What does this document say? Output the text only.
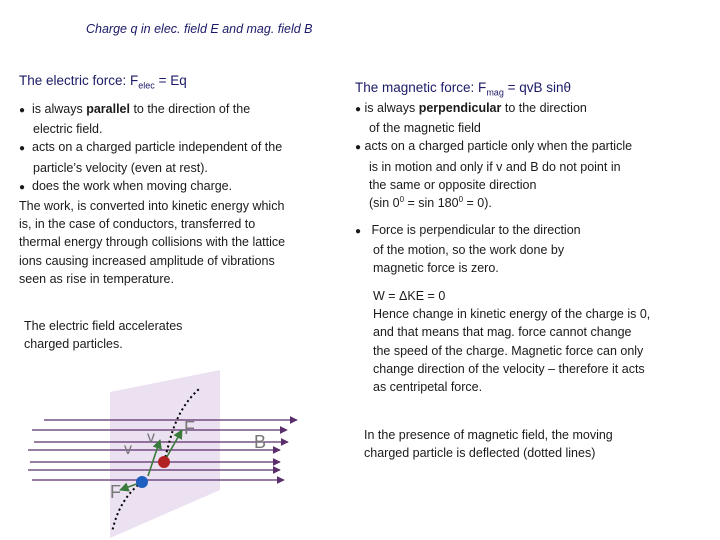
Charge q in elec. field E and mag. field B
The electric force: $F_{elec} = Eq$
● is always parallel to the direction of the
electric field.
● acts on a charged particle independent of the
particle’s velocity (even at rest).
● does the work when moving charge.
The work, is converted into kinetic energy which
is, in the case of conductors, transferred to
thermal energy through collisions with the lattice
ions causing increased amplitude of vibrations
seen as rise in temperature.
The electric field accelerates
charged particles.
The magnetic force: $F_{mag}$ = qvB sinθ
● is always perpendicular to the direction
of the magnetic field
● acts on a charged particle only when the particle
is in motion and only if v and B do not point in
the same or opposite direction
(sin $0^0 = \sin 180^0 = 0$).
● Force is perpendicular to the direction
of the motion, so the work done by
magnetic force is zero.
W = ΔKE = 0
Hence change in kinetic energy of the charge is 0,
and that means that mag. force cannot change
the speed of the charge. Magnetic force can only
change direction of the velocity – therefore it acts
as centripetal force.
In the presence of magnetic field, the moving
charged particle is deflected (dotted lines)
v F
v
F
B
